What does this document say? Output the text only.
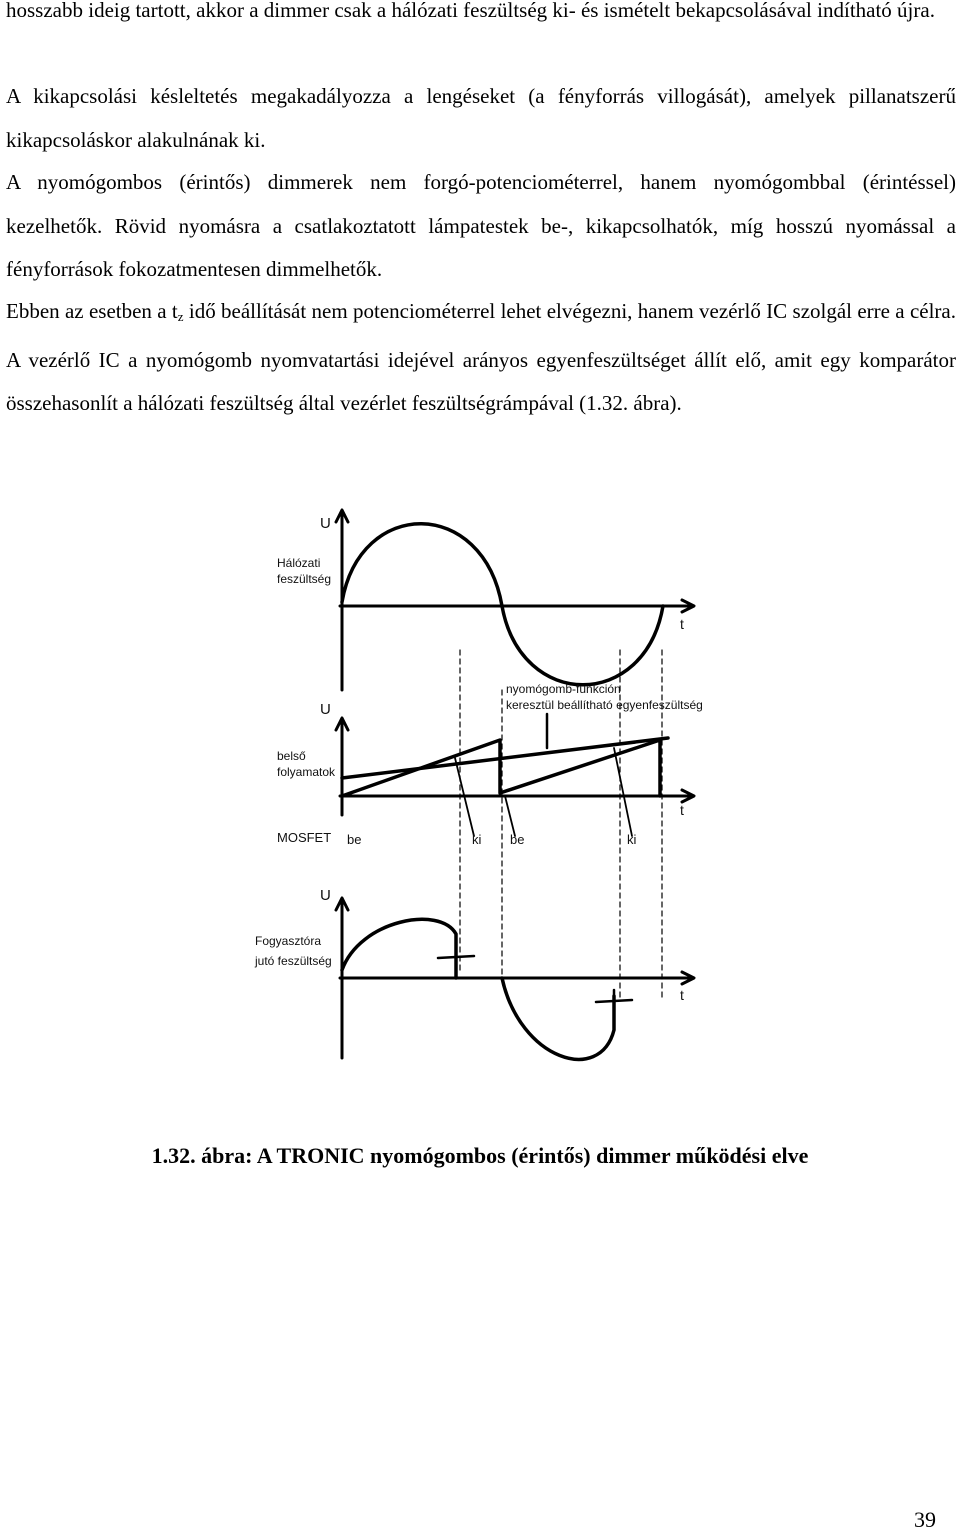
hosszabb ideig tartott, akkor a dimmer csak a hálózati feszültség ki- és ismételt bekapcsolásával indítható újra.

A kikapcsolási késleltetés megakadályozza a lengéseket (a fényforrás villogását), amelyek pillanatszerű kikapcsoláskor alakulnának ki.

A nyomógombos (érintős) dimmerek nem forgó-potenciométerrel, hanem nyomógombbal (érintéssel) kezelhetők. Rövid nyomásra a csatlakoztatott lámpatestek be-, kikapcsolhatók, míg hosszú nyomással a fényforrások fokozatmentesen dimmelhetők.

Ebben az esetben a $t_z$ idő beállítását nem potenciométerrel lehet elvégezni, hanem vezérlő IC szolgál erre a célra. A vezérlő IC a nyomógomb nyomvatartási idejével arányos egyenfeszültséget állít elő, amit egy komparátor összehasonlít a hálózati feszültség által vezérlet feszültségrámpával (1.32. ábra).

U
Hálózati
feszültség
t
U
belső
folyamatok
nyomógomb-funkción
keresztül beállítható egyenfeszültség
t
MOSFET be	ki be	ki
U
Fogyasztóra
jutó feszültség
t
1.32. ábra: A TRONIC nyomógombos (érintős) dimmer működési elve
39
